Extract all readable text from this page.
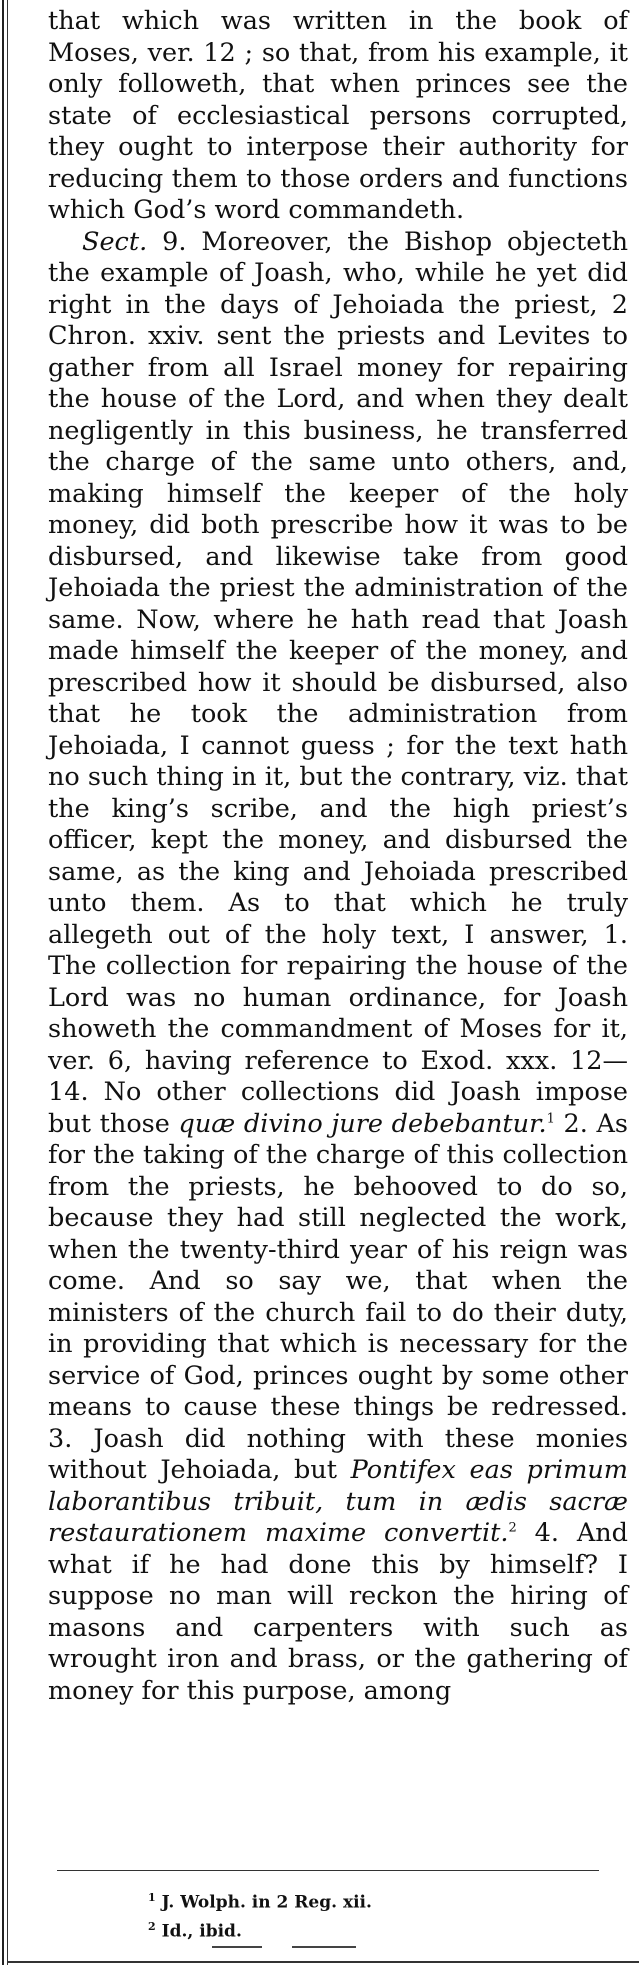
that which was written in the book of Moses, ver. 12 ; so that, from his example, it only followeth, that when princes see the state of ecclesiastical persons corrupted, they ought to interpose their authority for reducing them to those orders and functions which God’s word commandeth.

Sect. 9. Moreover, the Bishop objecteth the example of Joash, who, while he yet did right in the days of Jehoiada the priest, 2 Chron. xxiv. sent the priests and Levites to gather from all Israel money for repairing the house of the Lord, and when they dealt negligently in this business, he transferred the charge of the same unto others, and, making himself the keeper of the holy money, did both prescribe how it was to be disbursed, and likewise take from good Jehoiada the priest the administration of the same. Now, where he hath read that Joash made himself the keeper of the money, and prescribed how it should be disbursed, also that he took the administration from Jehoiada, I cannot guess ; for the text hath no such thing in it, but the contrary, viz. that the king’s scribe, and the high priest’s officer, kept the money, and disbursed the same, as the king and Jehoiada prescribed unto them. As to that which he truly allegeth out of the holy text, I answer, 1. The collection for repairing the house of the Lord was no human ordinance, for Joash showeth the commandment of Moses for it, ver. 6, having reference to Exod. xxx. 12—14. No other collections did Joash impose but those quæ divino jure debebantur.$^1$ 2. As for the taking of the charge of this collection from the priests, he behooved to do so, because they had still neglected the work, when the twenty-third year of his reign was come. And so say we, that when the ministers of the church fail to do their duty, in providing that which is necessary for the service of God, princes ought by some other means to cause these things be redressed. 3. Joash did nothing with these monies without Jehoiada, but Pontifex eas primum laborantibus tribuit, tum in ædis sacræ restaurationem maxime convertit.$^2$ 4. And what if he had done this by himself? I suppose no man will reckon the hiring of masons and carpenters with such as wrought iron and brass, or the gathering of money for this purpose, among

$^1$ J. Wolph. in 2 Reg. xii.
$^2$ Id., ibid.
